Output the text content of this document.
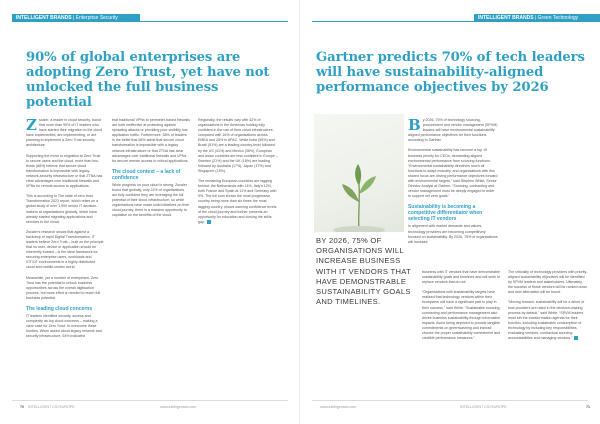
INTELLIGENT BRANDS | Enterprise Security
90% of global enterprises are adopting Zero Trust, yet have not unlocked the full business potential

Zscaler, a leader in cloud security, found that more than 90% of IT leaders who have started their migration to the cloud have implemented, are implementing, or are planning to implement a Zero Trust security architecture.

Supporting the move to migration to Zero Trust to secure users and the cloud, more than two-thirds (68%) believe that secure cloud transformation is impossible with legacy, network-security infrastructure or that ZTNA has clear advantages over traditional firewalls and VPNs for remote access to applications.

This is according to The state of zero trust Transformation 2023 report, which relies on a global study of over 1,900 senior IT decision-makers at organisations globally, which have already started migrating applications and services to the cloud.

Zscaler's research shows that against a backdrop of rapid Digital Transformation, IT leaders believe Zero Trust – built on the principle that no user, device or application should be inherently trusted – is the ideal framework for securing enterprise users, workloads and IOT/OT environments in a highly distributed cloud and mobile-centric world.

Meanwhile, yet a number of enterprises, Zero Trust has the potential to unlock business opportunities across the overall digitisation process, but more effort is needed to reach full business potential.

The leading cloud concerns

IT leaders identified security, access and complexity as top cloud concerns – making a clear case for Zero Trust. In overcome these hurdles. When asked about legacy network and security infrastructure, 54% indicated

that traditional VPNs to perimeter-based firewalls are both ineffective at protecting against sprawling attacks or providing poor visibility into application traffic. Furthermore, 58% of leaders in the belief that 58% admit that secure cloud transformation is impossible with a legacy network infrastructure or that ZTNA has clear advantages over traditional firewalls and VPNs for secure remote access to critical applications.

The cloud context – a lack of confidence

While progress on your cloud is strong, Zscaler found that globally, only 22% of organisations are fully confident they are leveraging the full potential of their cloud infrastructure, so while organisations have made solid initiatives on their cloud journey, there is a massive opportunity to capitalise on the benefits of the cloud.

Regionally, the results vary with 42% of organisations in the Americas holding fully confident in the use of their cloud infrastructure, compared with 16% of organisations across EMEA and 25% in APAC. While India (55%) and Brazil (51%) are a leading country-level followed by the US (41%) and Mexico (36%), European and Asian countries are less confident in Europe – Sweden (21%) and the UK (18%) are leading followed by Australia (17%), Japan (17%) and Singapore (15%).

The remaining European countries are lagging behind: the Netherlands with 14%, Italy's 12%, both France and Spain at 11% and Germany with 9%. The full sum shows the most progressive country being more than six times the most lagging country, shows warning confidence levels of the cloud journey and further presents an opportunity for education and closing the skills gap.

70 INTELLIGENT CIO EUROPE	www.intelligentcio.com
INTELLIGENT BRANDS | Green Technology
Gartner predicts 70% of tech leaders will have sustainability-aligned performance objectives by 2026
BY 2026, 75% OF ORGANISATIONS WILL INCREASE BUSINESS WITH IT VENDORS THAT HAVE DEMONSTRABLE SUSTAINABILITY GOALS AND TIMELINES.

By 2026, 75% of technology sourcing, procurement and vendor management (SPVM) leaders will have environmental sustainability-aligned performance objectives for their functions, according to Gartner.

Environmental sustainability has become a top 10 business priority for CEOs, demanding aligned environmental performance from sourcing functions. “Environmental sustainability directives touch all functions to adapt mutually, and organisations with this shared focus are driving performance objectives forward with environmental targets,” said Stephen White, Senior Director Analyst at Gartner. “Sourcing, contracting and vendor management must be deeply engaged in order to support net zero goals.”

Sustainability is becoming a competitive differentiator when selecting IT vendors

In alignment with market demands and values, technology providers are becoming competitively focused on sustainability. By 2026, 75% of organisations will increase

business with IT vendors that have demonstrable sustainability goals and timelines and will seek to replace vendors that do not.

“Organisations with sustainability targets have realised that technology vendors within their ecosystem will have a significant part to play in their success,” said White. “Sustainable sourcing, contracting and performance management also drives business sustainability through information impacts. Avoid being deprived to provide tangible commitments on greenwashing and instead choose the proper sustainability commitment and credible performance measures.”

The criticality of technology providers with priority-aligned sustainability objectives will be identified by SPVM leaders and stakeholders. Ultimately, the success of those vendors will be ranked down and new alternative will be found.

“Moving forward, sustainability will be a driver of how providers are rated in the decision-making process by default,” said White. “SPVM leaders must set the transformation agenda for their function, including sustainable consumption of technology by including key responsibilities, evaluating vendors, contractual sourcing accountabilities and managing vendors.”

www.intelligentcio.com	INTELLIGENT CIO EUROPE	71
